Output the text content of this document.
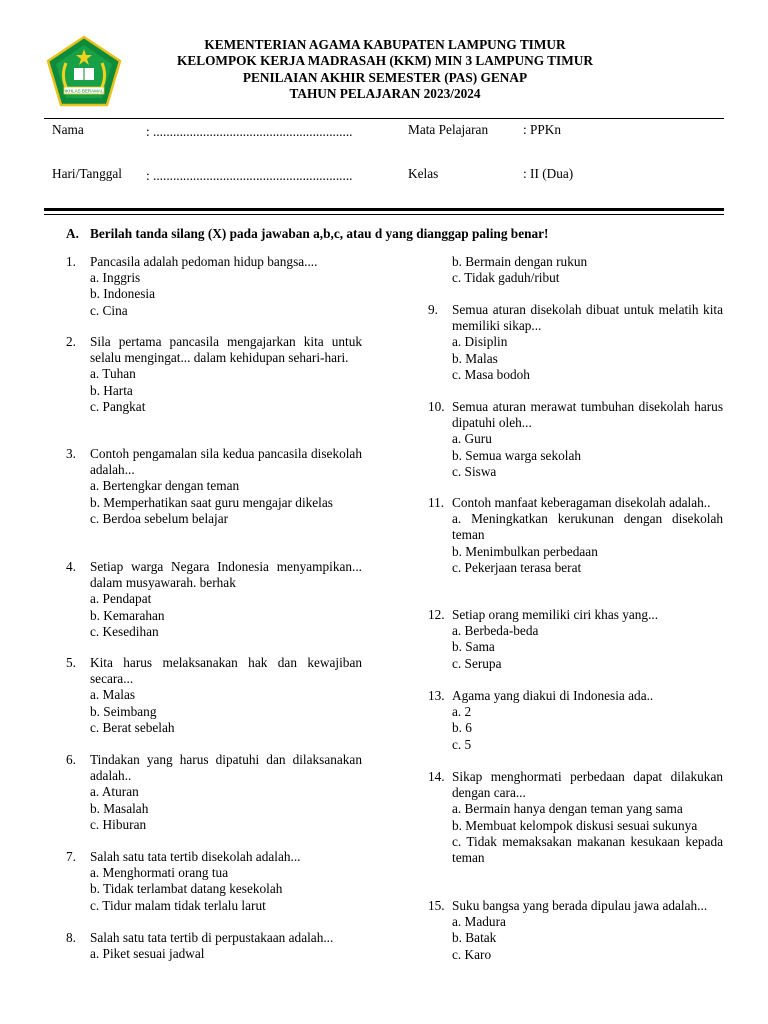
IKHLAS BERAMAL
KEMENTERIAN AGAMA KABUPATEN LAMPUNG TIMUR
KELOMPOK KERJA MADRASAH (KKM) MIN 3 LAMPUNG TIMUR
PENILAIAN AKHIR SEMESTER (PAS) GENAP
TAHUN PELAJARAN 2023/2024
Nama	: ............................................................	Mata Pelajaran	: PPKn
Hari/Tanggal : ............................................................	Kelas	: II (Dua)
A. Berilah tanda silang (X) pada jawaban a,b,c, atau d yang dianggap paling benar!
1. Pancasila adalah pedoman hidup bangsa....
a. Inggris
b. Indonesia
c. Cina
2. Sila pertama pancasila mengajarkan kita untuk selalu mengingat... dalam kehidupan sehari-hari.
a. Tuhan
b. Harta
c. Pangkat
3. Contoh pengamalan sila kedua pancasila disekolah adalah...
a. Bertengkar dengan teman
b. Memperhatikan saat guru mengajar dikelas
c. Berdoa sebelum belajar
4. Setiap warga Negara Indonesia menyampikan... dalam musyawarah. berhak
a. Pendapat
b. Kemarahan
c. Kesedihan
5. Kita harus melaksanakan hak dan kewajiban secara...
a. Malas
b. Seimbang
c. Berat sebelah
6. Tindakan yang harus dipatuhi dan dilaksanakan adalah..
a. Aturan
b. Masalah
c. Hiburan
7. Salah satu tata tertib disekolah adalah...
a. Menghormati orang tua
b. Tidak terlambat datang kesekolah
c. Tidur malam tidak terlalu larut
8. Salah satu tata tertib di perpustakaan adalah...
a. Piket sesuai jadwal
b. Bermain dengan rukun
c. Tidak gaduh/ribut
9. Semua aturan disekolah dibuat untuk melatih kita memiliki sikap...
a. Disiplin
b. Malas
c. Masa bodoh
10. Semua aturan merawat tumbuhan disekolah harus dipatuhi oleh...
a. Guru
b. Semua warga sekolah
c. Siswa
11. Contoh manfaat keberagaman disekolah adalah..
a. Meningkatkan kerukunan dengan disekolah teman
b. Menimbulkan perbedaan
c. Pekerjaan terasa berat
12. Setiap orang memiliki ciri khas yang...
a. Berbeda-beda
b. Sama
c. Serupa
13. Agama yang diakui di Indonesia ada..
a. 2
b. 6
c. 5
14. Sikap menghormati perbedaan dapat dilakukan dengan cara...
a. Bermain hanya dengan teman yang sama
b. Membuat kelompok diskusi sesuai sukunya
c. Tidak memaksakan makanan kesukaan kepada teman
15. Suku bangsa yang berada dipulau jawa adalah...
a. Madura
b. Batak
c. Karo
